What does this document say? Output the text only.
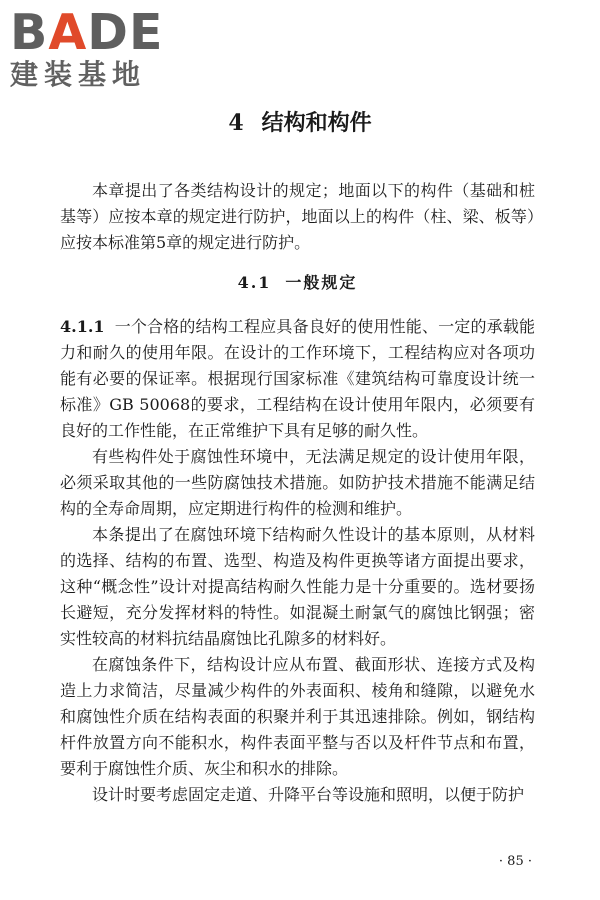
BADE
建装基地
4 结构和构件

本章提出了各类结构设计的规定；地面以下的构件（基础和桩基等）应按本章的规定进行防护，地面以上的构件（柱、梁、板等）应按本标准第5章的规定进行防护。

4.1 一般规定

4.1.1 一个合格的结构工程应具备良好的使用性能、一定的承载能力和耐久的使用年限。在设计的工作环境下，工程结构应对各项功能有必要的保证率。根据现行国家标准《建筑结构可靠度设计统一标准》GB 50068的要求，工程结构在设计使用年限内，必须要有良好的工作性能，在正常维护下具有足够的耐久性。

有些构件处于腐蚀性环境中，无法满足规定的设计使用年限，必须采取其他的一些防腐蚀技术措施。如防护技术措施不能满足结构的全寿命周期，应定期进行构件的检测和维护。

本条提出了在腐蚀环境下结构耐久性设计的基本原则，从材料的选择、结构的布置、选型、构造及构件更换等诸方面提出要求，这种“概念性”设计对提高结构耐久性能力是十分重要的。选材要扬长避短，充分发挥材料的特性。如混凝土耐氯气的腐蚀比钢强；密实性较高的材料抗结晶腐蚀比孔隙多的材料好。

在腐蚀条件下，结构设计应从布置、截面形状、连接方式及构造上力求简洁，尽量减少构件的外表面积、棱角和缝隙，以避免水和腐蚀性介质在结构表面的积聚并利于其迅速排除。例如，钢结构杆件放置方向不能积水，构件表面平整与否以及杆件节点和布置，要利于腐蚀性介质、灰尘和积水的排除。

设计时要考虑固定走道、升降平台等设施和照明，以便于防护

· 85 ·
